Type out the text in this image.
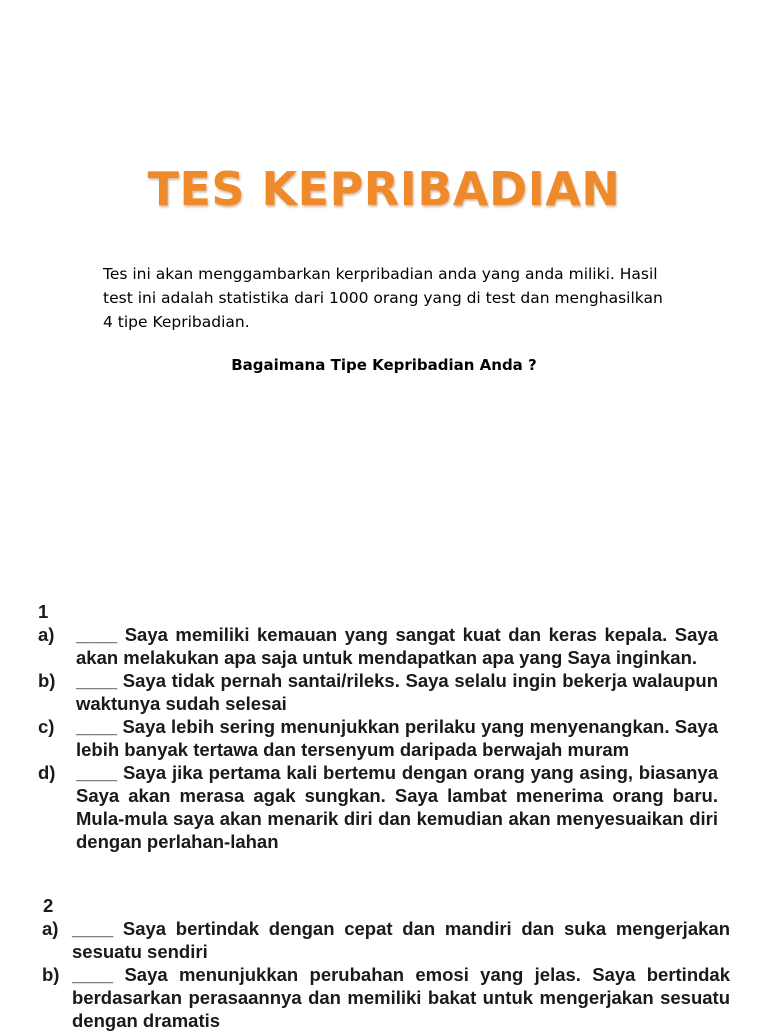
TES KEPRIBADIAN

Tes ini akan menggambarkan kerpribadian anda yang anda miliki. Hasil test ini adalah statistika dari 1000 orang yang di test dan menghasilkan 4 tipe Kepribadian.

Bagaimana Tipe Kepribadian Anda ?

1
a)	____ Saya memiliki kemauan yang sangat kuat dan keras kepala. Saya akan melakukan apa saja untuk mendapatkan apa yang Saya inginkan.

b)	____ Saya tidak pernah santai/rileks. Saya selalu ingin bekerja walaupun waktunya sudah selesai

c)	____ Saya lebih sering menunjukkan perilaku yang menyenangkan. Saya lebih banyak tertawa dan tersenyum daripada berwajah muram

d)	____ Saya jika pertama kali bertemu dengan orang yang asing, biasanya Saya akan merasa agak sungkan. Saya lambat menerima orang baru. Mula-mula saya akan menarik diri dan kemudian akan menyesuaikan diri dengan perlahan-lahan

2
a) ____ Saya bertindak dengan cepat dan mandiri dan suka mengerjakan sesuatu sendiri

b) ____ Saya menunjukkan perubahan emosi yang jelas. Saya bertindak berdasarkan perasaannya dan memiliki bakat untuk mengerjakan sesuatu dengan dramatis
